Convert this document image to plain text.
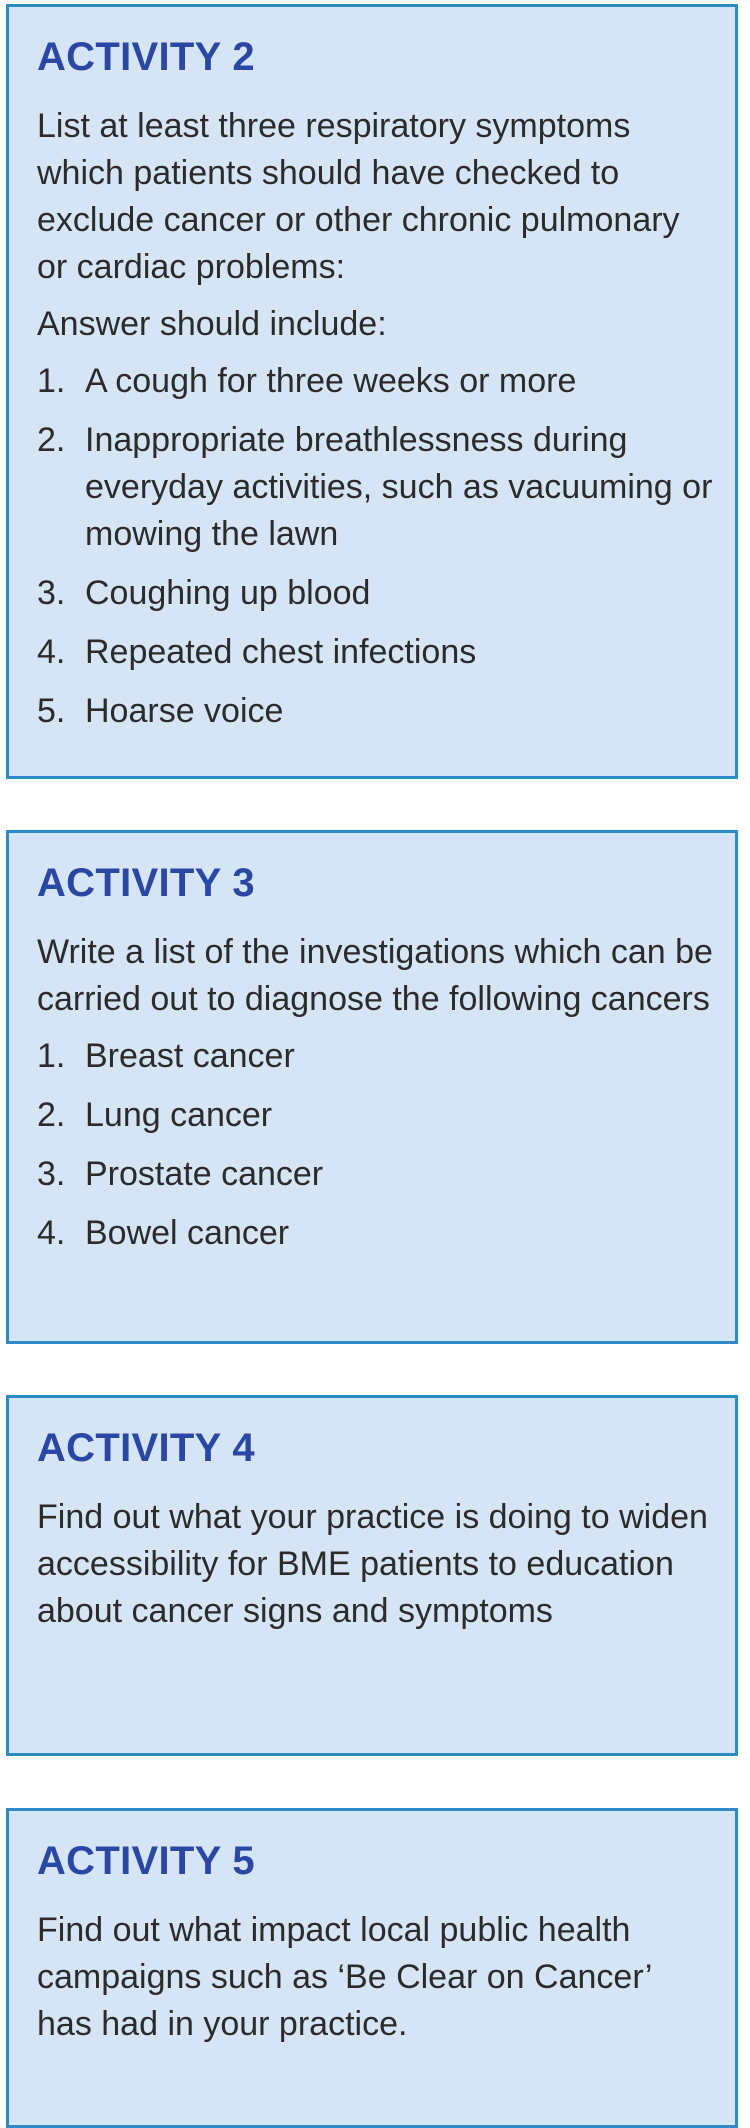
ACTIVITY 2

List at least three respiratory symptoms which patients should have checked to exclude cancer or other chronic pulmonary or cardiac problems:

Answer should include:

1. A cough for three weeks or more
2. Inappropriate breathlessness during everyday activities, such as vacuuming or mowing the lawn
3. Coughing up blood
4. Repeated chest infections
5. Hoarse voice
ACTIVITY 3

Write a list of the investigations which can be carried out to diagnose the following cancers

1. Breast cancer
2. Lung cancer
3. Prostate cancer
4. Bowel cancer
ACTIVITY 4

Find out what your practice is doing to widen accessibility for BME patients to education about cancer signs and symptoms

ACTIVITY 5

Find out what impact local public health campaigns such as ‘Be Clear on Cancer’ has had in your practice.
